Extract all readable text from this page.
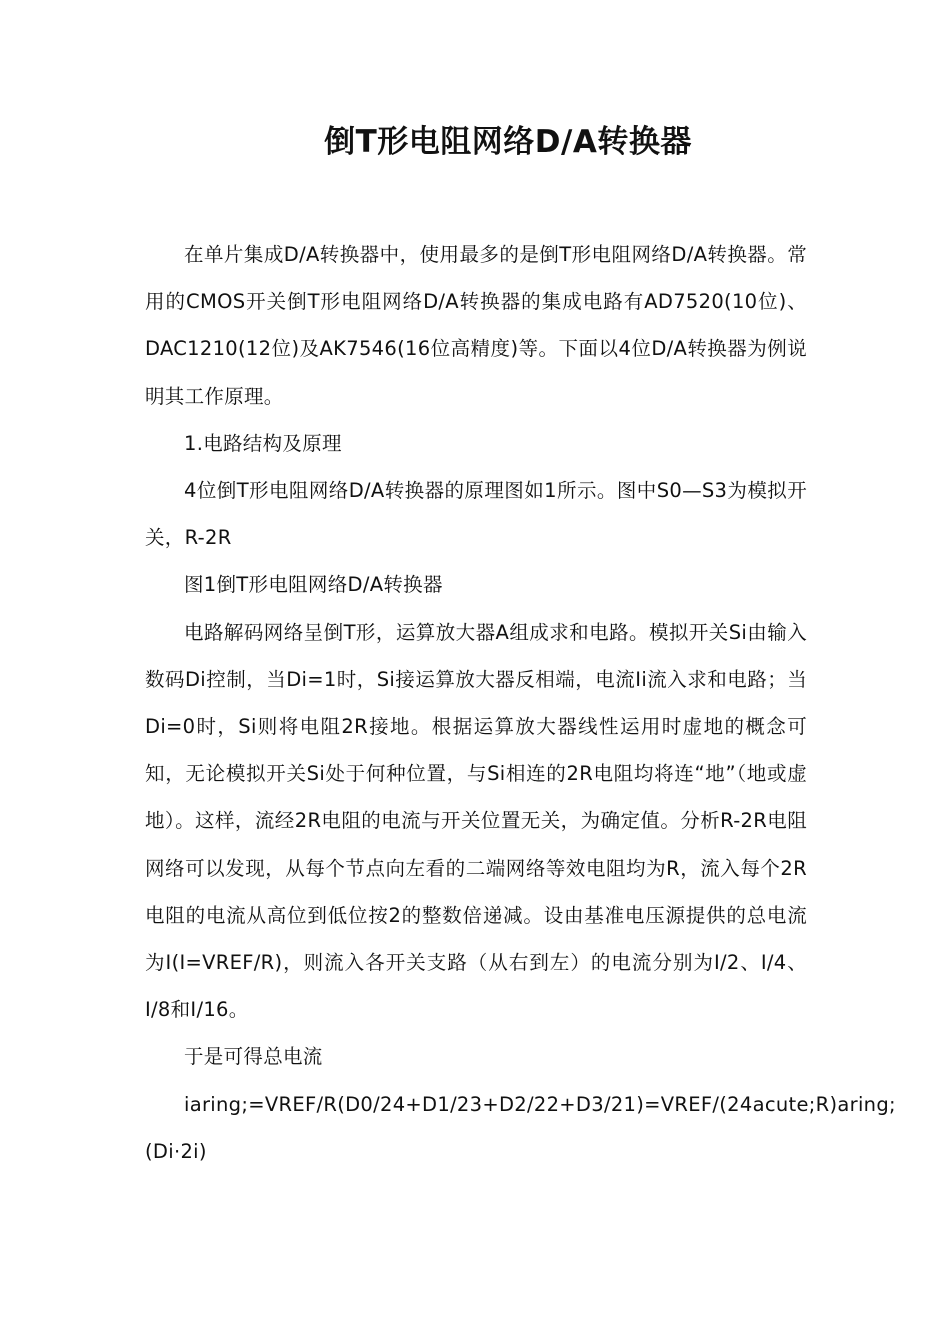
倒T形电阻网络D/A转换器

在单片集成D/A转换器中，使用最多的是倒T形电阻网络D/A转换器。常用的CMOS开关倒T形电阻网络D/A转换器的集成电路有AD7520(10位)、DAC1210(12位)及AK7546(16位高精度)等。下面以4位D/A转换器为例说明其工作原理。

1.电路结构及原理

4位倒T形电阻网络D/A转换器的原理图如1所示。图中S0—S3为模拟开关，R-2R

图1倒T形电阻网络D/A转换器

电路解码网络呈倒T形，运算放大器A组成求和电路。模拟开关Si由输入数码Di控制，当Di=1时，Si接运算放大器反相端，电流Ii流入求和电路；当Di=0时，Si则将电阻2R接地。根据运算放大器线性运用时虚地的概念可知，无论模拟开关Si处于何种位置，与Si相连的2R电阻均将连“地”（地或虚地）。这样，流经2R电阻的电流与开关位置无关，为确定值。分析R-2R电阻网络可以发现，从每个节点向左看的二端网络等效电阻均为R，流入每个2R电阻的电流从高位到低位按2的整数倍递减。设由基准电压源提供的总电流为I(I=VREF/R)，则流入各开关支路（从右到左）的电流分别为I/2、I/4、I/8和I/16。

于是可得总电流

iaring;=VREF/R(D0/24+D1/23+D2/22+D3/21)=VREF/(24acute;R)aring;(Di·2i)
